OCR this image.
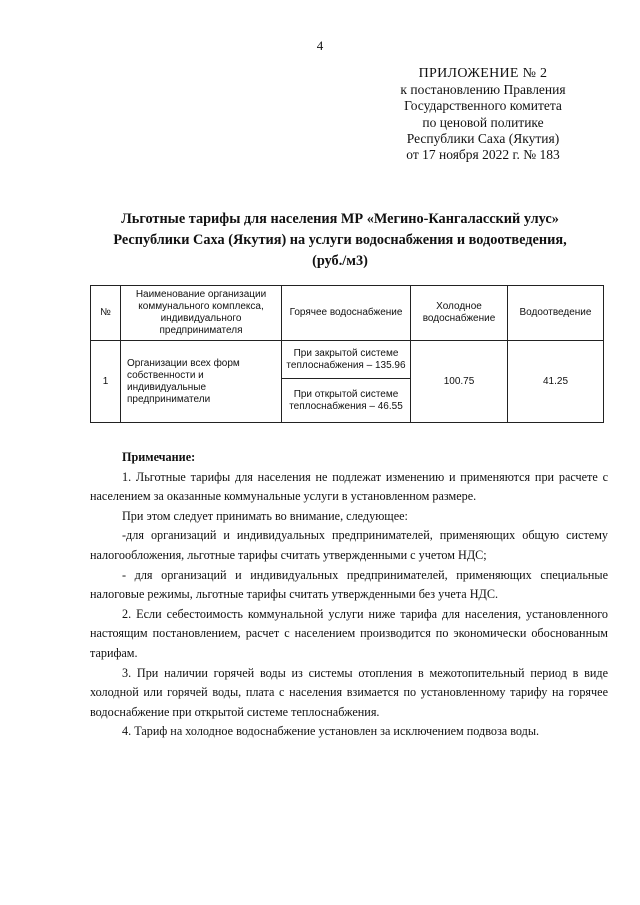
4
ПРИЛОЖЕНИЕ № 2
к постановлению Правления
Государственного комитета
по ценовой политике
Республики Саха (Якутия)
от 17 ноября 2022 г. № 183
Льготные тарифы для населения МР «Мегино-Кангаласский улус»
Республики Саха (Якутия) на услуги водоснабжения и водоотведения,
(руб./м3)
№	Наименование организации коммунального комплекса, индивидуального предпринимателя	Горячее водоснабжение	Холодное водоснабжение	Водоотведение
1	Организации всех форм собственности и индивидуальные предприниматели	При закрытой системе теплоснабжения – 135.96	100.75	41.25
		При открытой системе теплоснабжения – 46.55		
Примечание:

1. Льготные тарифы для населения не подлежат изменению и применяются при расчете с населением за оказанные коммунальные услуги в установленном размере.

При этом следует принимать во внимание, следующее:

-для организаций и индивидуальных предпринимателей, применяющих общую систему налогообложения, льготные тарифы считать утвержденными с учетом НДС;

- для организаций и индивидуальных предпринимателей, применяющих специальные налоговые режимы, льготные тарифы считать утвержденными без учета НДС.

2. Если себестоимость коммунальной услуги ниже тарифа для населения, установленного настоящим постановлением, расчет с населением производится по экономически обоснованным тарифам.

3. При наличии горячей воды из системы отопления в межотопительный период в виде холодной или горячей воды, плата с населения взимается по установленному тарифу на горячее водоснабжение при открытой системе теплоснабжения.

4. Тариф на холодное водоснабжение установлен за исключением подвоза воды.
